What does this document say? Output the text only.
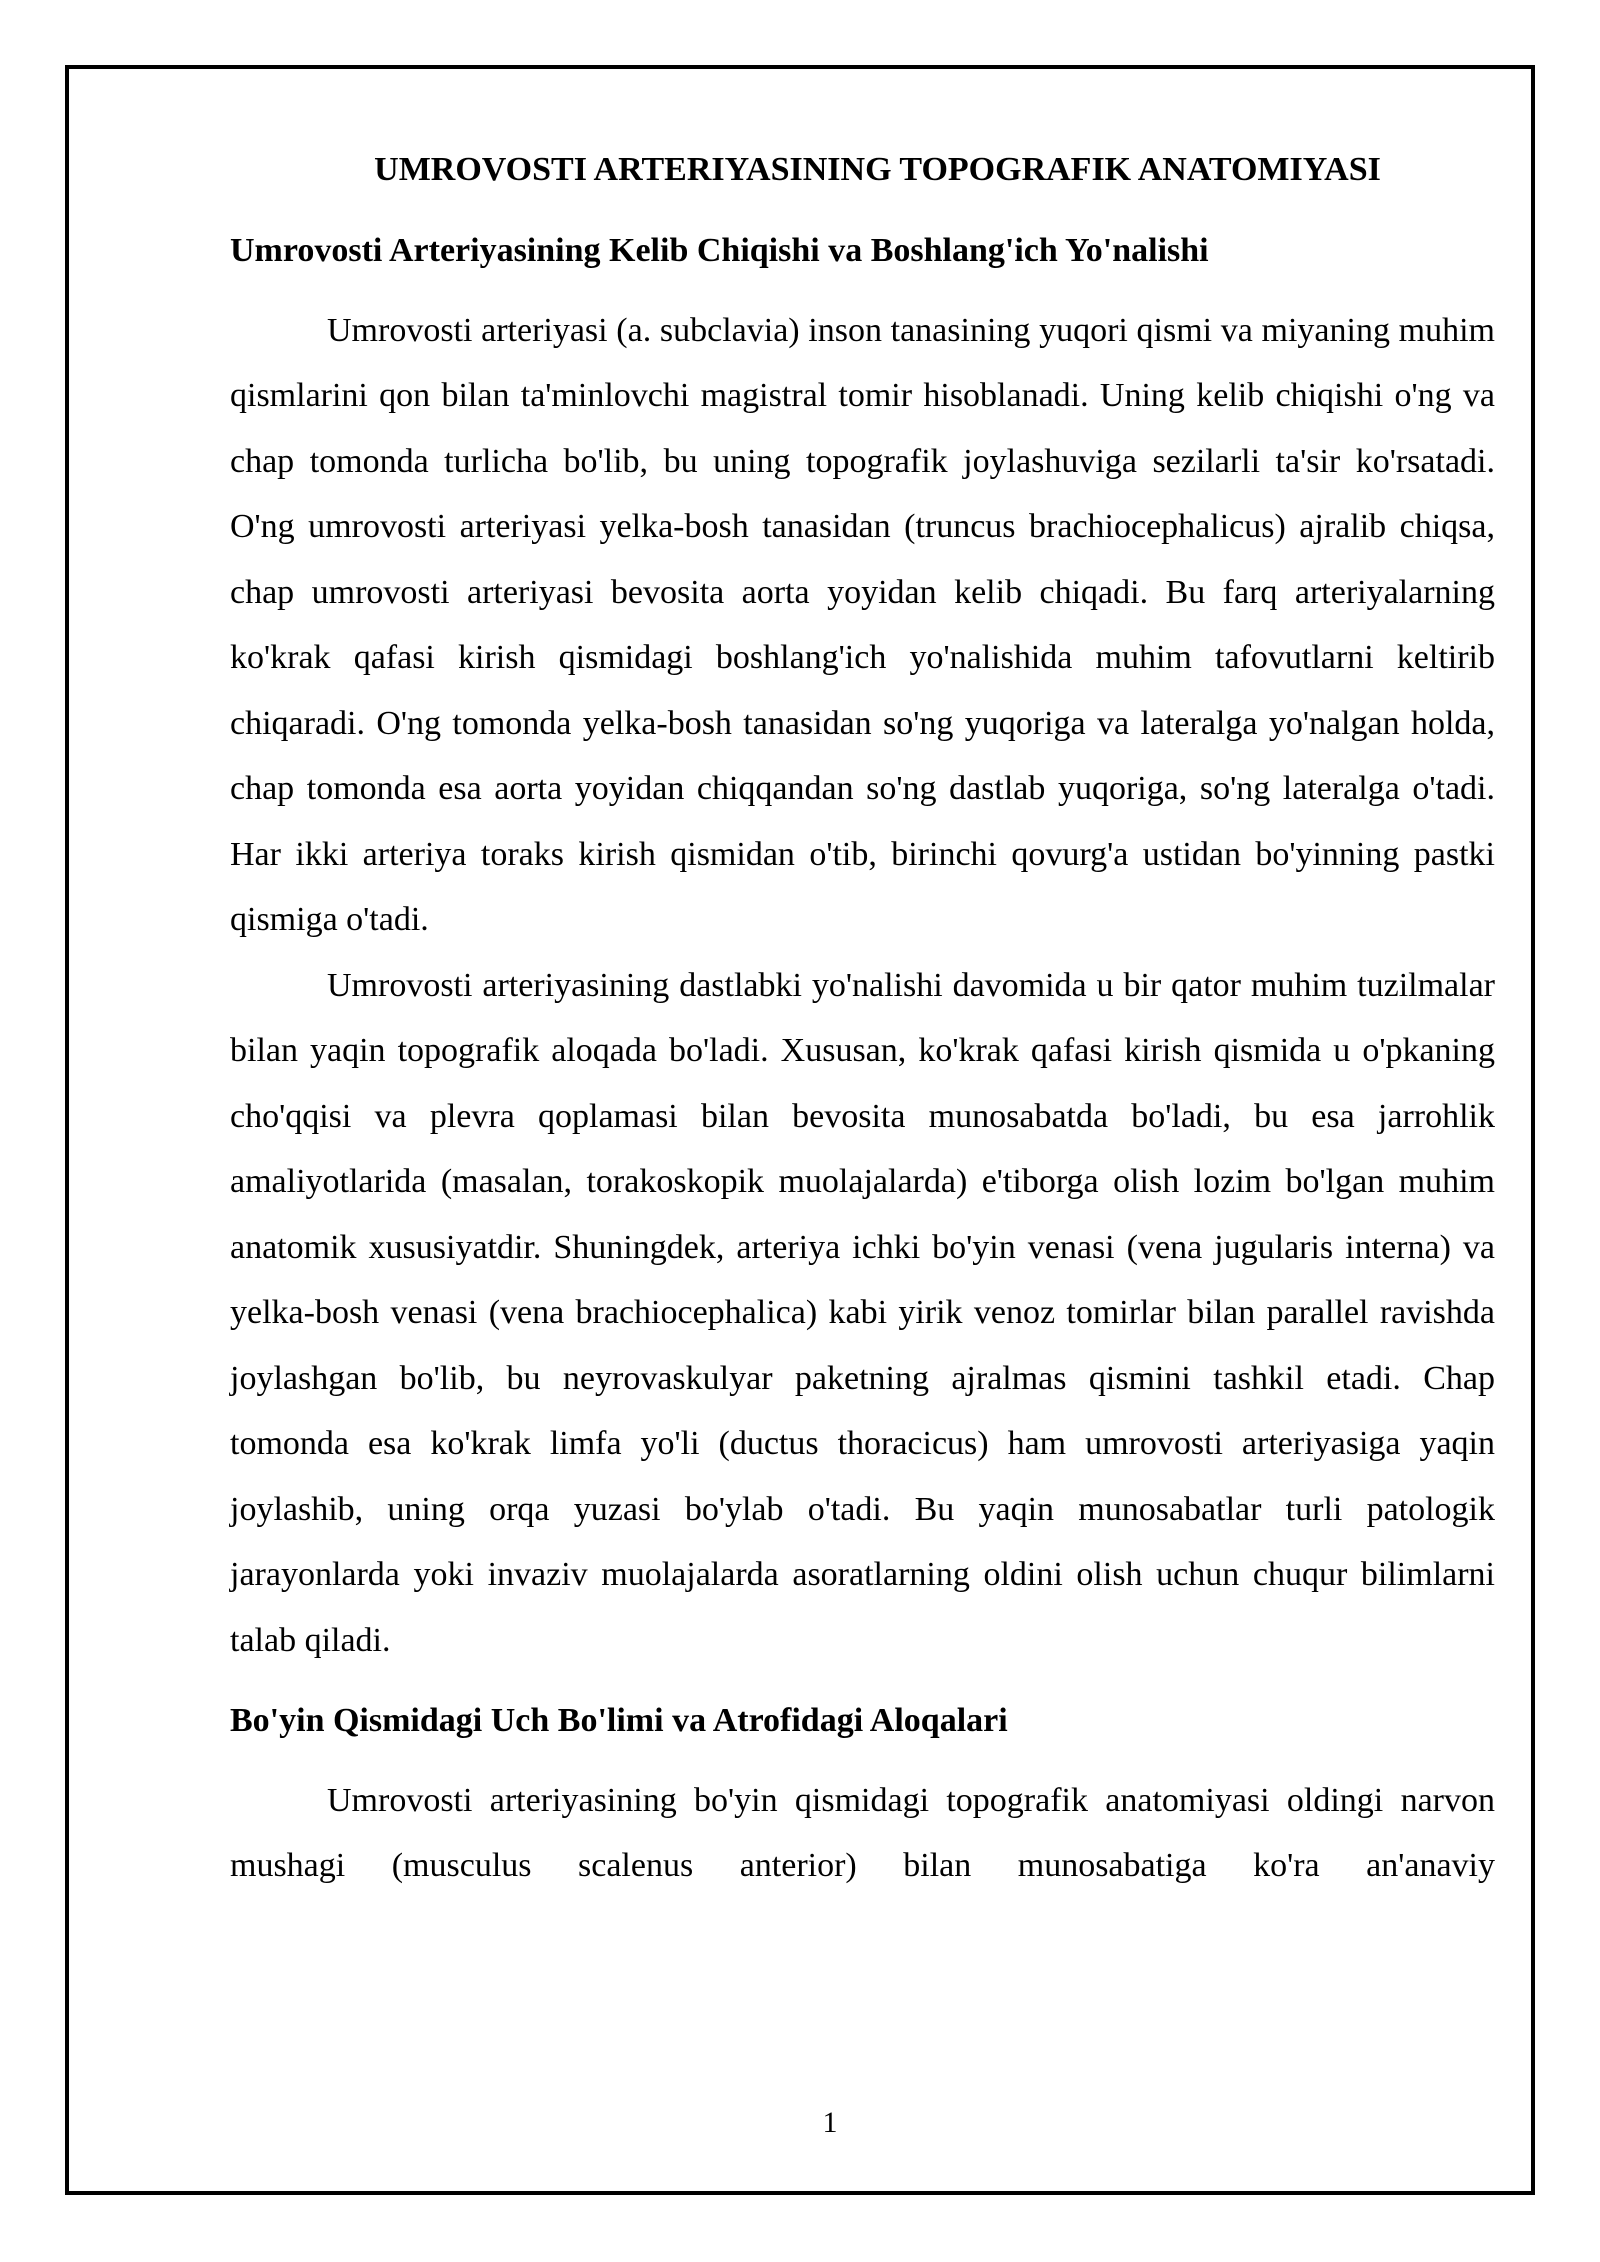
UMROVOSTI ARTERIYASINING TOPOGRAFIK ANATOMIYASI
Umrovosti Arteriyasining Kelib Chiqishi va Boshlang'ich Yo'nalishi

Umrovosti arteriyasi (a. subclavia) inson tanasining yuqori qismi va miyaning muhim qismlarini qon bilan ta'minlovchi magistral tomir hisoblanadi. Uning kelib chiqishi o'ng va chap tomonda turlicha bo'lib, bu uning topografik joylashuviga sezilarli ta'sir ko'rsatadi. O'ng umrovosti arteriyasi yelka-bosh tanasidan (truncus brachiocephalicus) ajralib chiqsa, chap umrovosti arteriyasi bevosita aorta yoyidan kelib chiqadi. Bu farq arteriyalarning ko'krak qafasi kirish qismidagi boshlang'ich yo'nalishida muhim tafovutlarni keltirib chiqaradi. O'ng tomonda yelka-bosh tanasidan so'ng yuqoriga va lateralga yo'nalgan holda, chap tomonda esa aorta yoyidan chiqqandan so'ng dastlab yuqoriga, so'ng lateralga o'tadi. Har ikki arteriya toraks kirish qismidan o'tib, birinchi qovurg'a ustidan bo'yinning pastki qismiga o'tadi.

Umrovosti arteriyasining dastlabki yo'nalishi davomida u bir qator muhim tuzilmalar bilan yaqin topografik aloqada bo'ladi. Xususan, ko'krak qafasi kirish qismida u o'pkaning cho'qqisi va plevra qoplamasi bilan bevosita munosabatda bo'ladi, bu esa jarrohlik amaliyotlarida (masalan, torakoskopik muolajalarda) e'tiborga olish lozim bo'lgan muhim anatomik xususiyatdir. Shuningdek, arteriya ichki bo'yin venasi (vena jugularis interna) va yelka-bosh venasi (vena brachiocephalica) kabi yirik venoz tomirlar bilan parallel ravishda joylashgan bo'lib, bu neyrovaskulyar paketning ajralmas qismini tashkil etadi. Chap tomonda esa ko'krak limfa yo'li (ductus thoracicus) ham umrovosti arteriyasiga yaqin joylashib, uning orqa yuzasi bo'ylab o'tadi. Bu yaqin munosabatlar turli patologik jarayonlarda yoki invaziv muolajalarda asoratlarning oldini olish uchun chuqur bilimlarni talab qiladi.

Bo'yin Qismidagi Uch Bo'limi va Atrofidagi Aloqalari

Umrovosti arteriyasining bo'yin qismidagi topografik anatomiyasi oldingi narvon mushagi (musculus scalenus anterior) bilan munosabatiga ko'ra an'anaviy

1
